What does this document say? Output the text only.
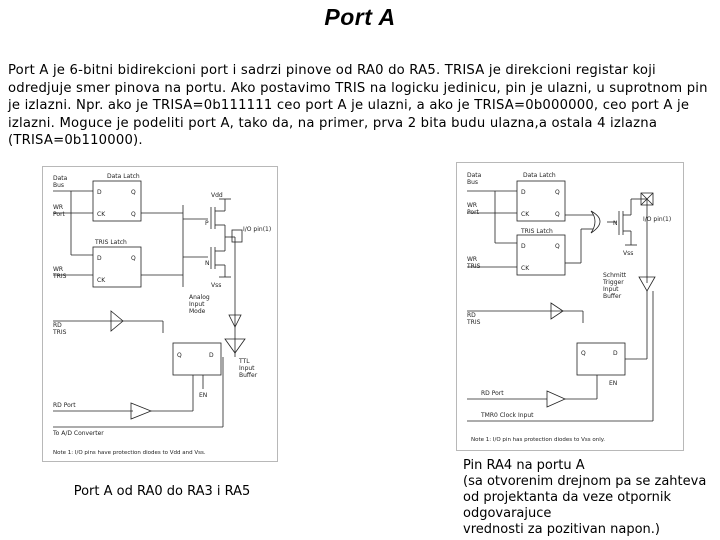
Port A
Port A je 6-bitni bidirekcioni port i sadrzi pinove od RA0 do RA5. TRISA je direkcioni registar koji odredjuje smer pinova na portu. Ako postavimo TRIS na logicku jedinicu, pin je ulazni, u suprotnom pin je izlazni. Npr. ako je TRISA=0b111111 ceo port A je ulazni, a ako je TRISA=0b000000, ceo port A je izlazni. Moguce je podeliti port A, tako da, na primer, prva 2 bita budu ulazna,a ostala 4 izlazna (TRISA=0b110000).
Data
Bus
Data Latch
D	Q
CK	Q
WR
Port
TRIS Latch
D	Q
CK
WR
TRIS
RD
TRIS
Vdd
P
N
Vss
I/O pin(1)
Analog
Input
Mode
TTL
Input
Buffer
Q	D
EN
RD Port
To A/D Converter
Note 1: I/O pins have protection diodes to Vdd and Vss.
Data
Bus
Data Latch
D	Q
CK	Q
WR
Port
TRIS Latch
D	Q
CK
WR
TRIS
RD
TRIS
N
Vss
I/O pin(1)
Schmitt
Trigger
Input
Buffer
Q	D
EN
RD Port
TMR0 Clock Input
Note 1: I/O pin has protection diodes to Vss only.
Port A od RA0 do RA3 i RA5
Pin RA4 na portu A
(sa otvorenim drejnom pa se zahteva od projektanta da veze otpornik odgovarajuce
vrednosti za pozitivan napon.)
